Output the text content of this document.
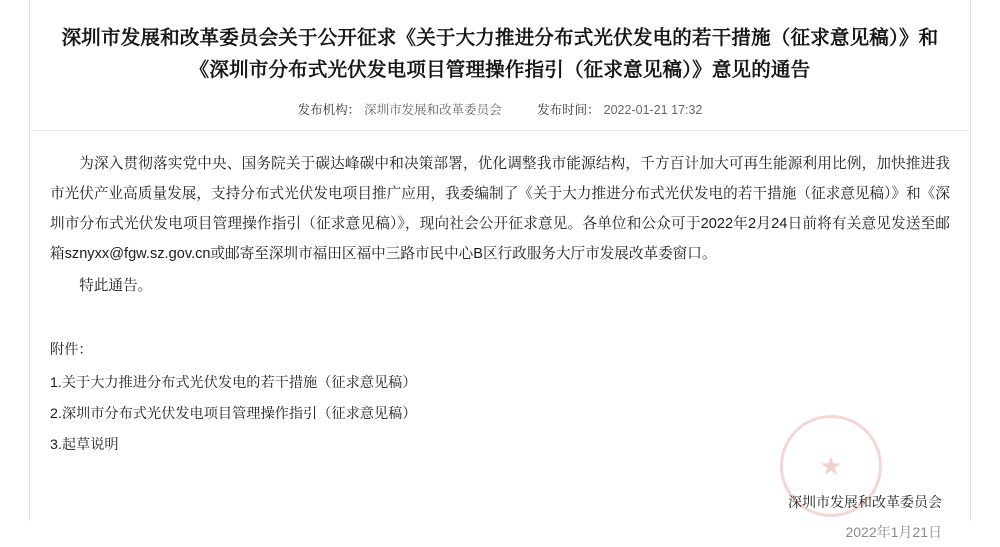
深圳市发展和改革委员会关于公开征求《关于大力推进分布式光伏发电的若干措施（征求意见稿）》和《深圳市分布式光伏发电项目管理操作指引（征求意见稿）》意见的通告
发布机构： 深圳市发展和改革委员会	发布时间： 2022-01-21 17:32

为深入贯彻落实党中央、国务院关于碳达峰碳中和决策部署，优化调整我市能源结构，千方百计加大可再生能源利用比例，加快推进我市光伏产业高质量发展，支持分布式光伏发电项目推广应用，我委编制了《关于大力推进分布式光伏发电的若干措施（征求意见稿）》和《深圳市分布式光伏发电项目管理操作指引（征求意见稿）》，现向社会公开征求意见。各单位和公众可于2022年2月24日前将有关意见发送至邮箱sznyxx@fgw.sz.gov.cn或邮寄至深圳市福田区福中三路市民中心B区行政服务大厅市发展改革委窗口。

特此通告。

附件：
1.关于大力推进分布式光伏发电的若干措施（征求意见稿）
2.深圳市分布式光伏发电项目管理操作指引（征求意见稿）
3.起草说明
深圳市发展和改革委员会
2022年1月21日
★
